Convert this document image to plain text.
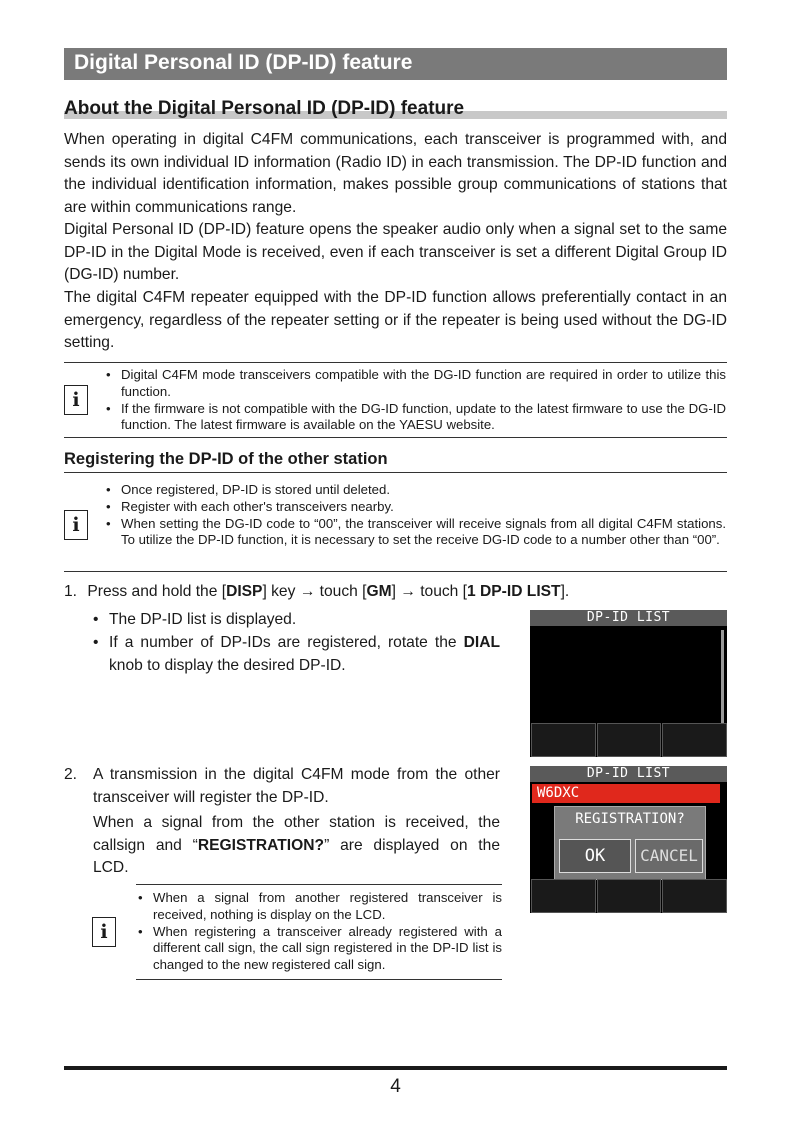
Digital Personal ID (DP-ID) feature
About the Digital Personal ID (DP-ID) feature
When operating in digital C4FM communications, each transceiver is programmed with, and sends its own individual ID information (Radio ID) in each transmission. The DP-ID function and the individual identification information, makes possible group communications of stations that are within communications range.
Digital Personal ID (DP-ID) feature opens the speaker audio only when a signal set to the same DP-ID in the Digital Mode is received, even if each transceiver is set a different Digital Group ID (DG-ID) number.
The digital C4FM repeater equipped with the DP-ID function allows preferentially contact in an emergency, regardless of the repeater setting or if the repeater is being used without the DG-ID setting.
i
• Digital C4FM mode transceivers compatible with the DG-ID function are required in order to utilize this function.
• If the firmware is not compatible with the DG-ID function, update to the latest firmware to use the DG-ID function. The latest firmware is available on the YAESU website.
Registering the DP-ID of the other station
i
• Once registered, DP-ID is stored until deleted.
• Register with each other's transceivers nearby.
• When setting the DG-ID code to “00”, the transceiver will receive signals from all digital C4FM stations. To utilize the DP-ID function, it is necessary to set the receive DG-ID code to a number other than “00”.
1. Press and hold the [DISP] key → touch [GM] → touch [1 DP-ID LIST].
• The DP-ID list is displayed.
• If a number of DP-IDs are registered, rotate the DIAL knob to display the desired DP-ID.
DP-ID LIST
2. A transmission in the digital C4FM mode from the other transceiver will register the DP-ID.
When a signal from the other station is received, the callsign and “REGISTRATION?” are displayed on the LCD.
DP-ID LIST
W6DXC
REGISTRATION?
OK	CANCEL
i
• When a signal from another registered transceiver is received, nothing is display on the LCD.
• When registering a transceiver already registered with a different call sign, the call sign registered in the DP-ID list is changed to the new registered call sign.
4
